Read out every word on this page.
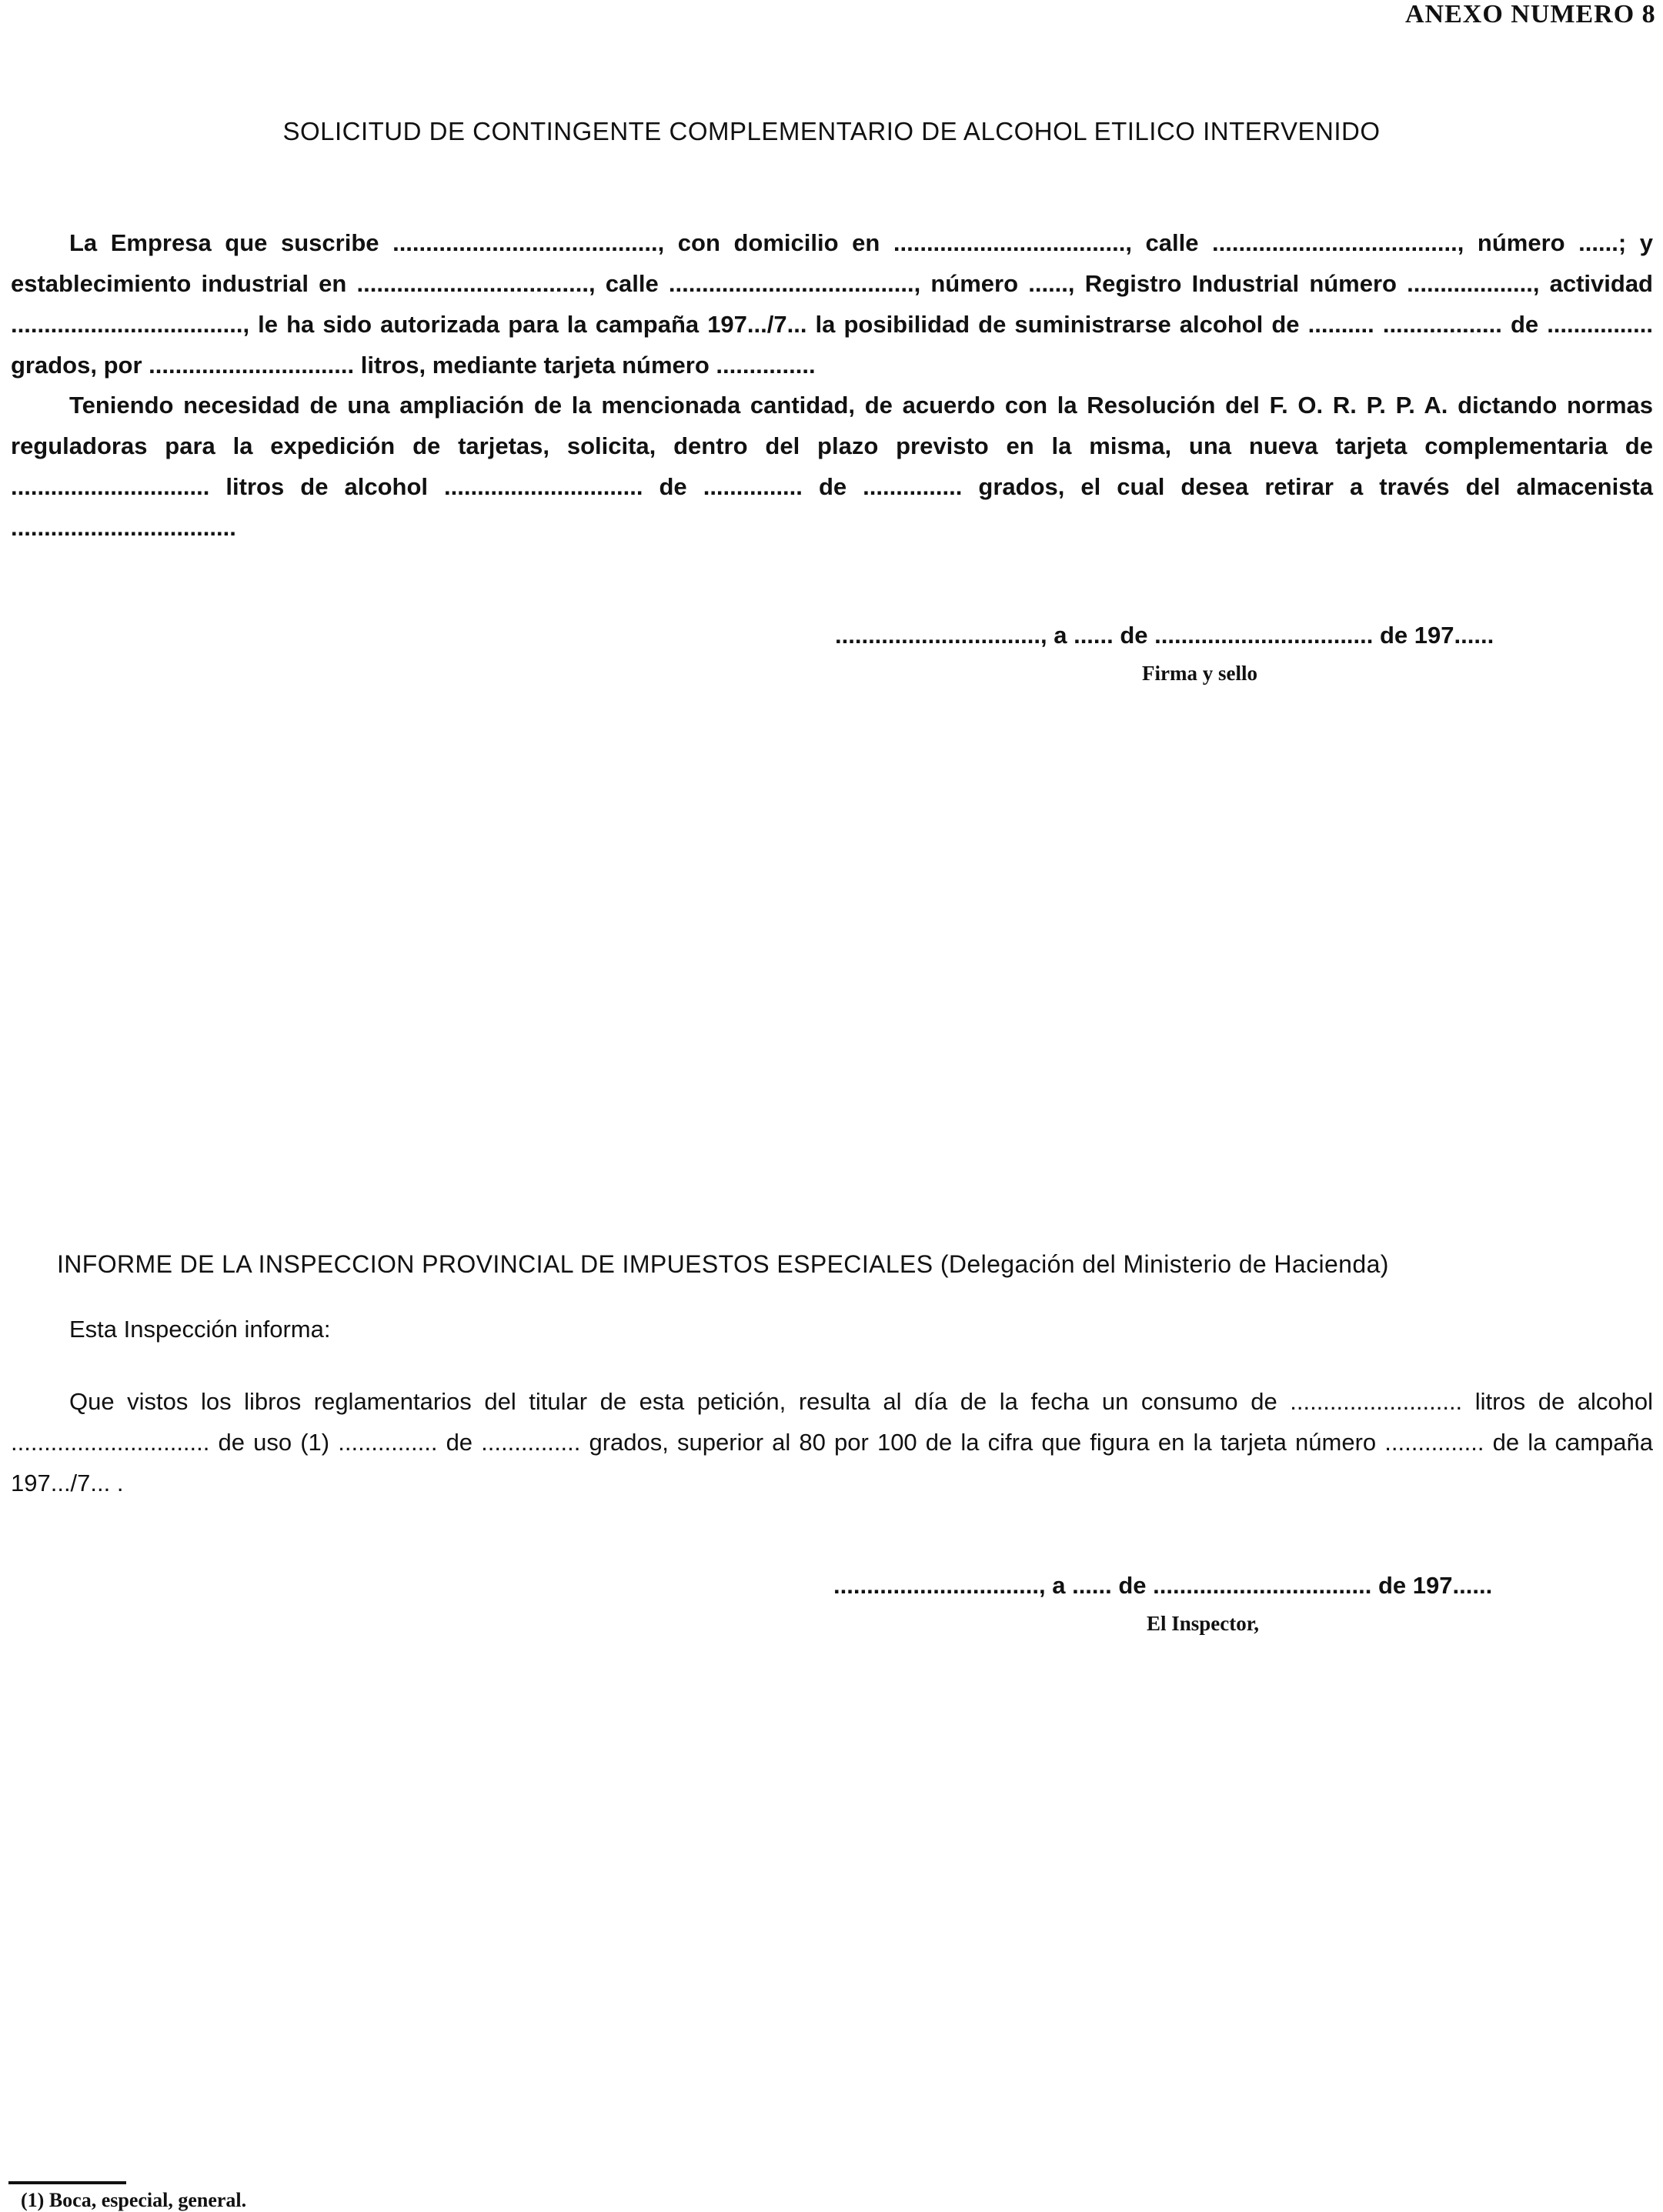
ANEXO NUMERO 8
SOLICITUD DE CONTINGENTE COMPLEMENTARIO DE ALCOHOL ETILICO INTERVENIDO
La Empresa que suscribe ........................................, con domicilio en ..................................., calle ....................................., número ......; y establecimiento industrial en ..................................., calle ....................................., número ......, Registro Industrial número ..................., actividad ..................................., le ha sido autorizada para la campaña 197.../7... la posibilidad de suministrarse alcohol de .......... .................. de ................ grados, por ............................... litros, mediante tarjeta número ...............
Teniendo necesidad de una ampliación de la mencionada cantidad, de acuerdo con la Resolución del F. O. R. P. P. A. dictando normas reguladoras para la expedición de tarjetas, solicita, dentro del plazo previsto en la misma, una nueva tarjeta complementaria de .............................. litros de alcohol .............................. de ............... de ............... grados, el cual desea retirar a través del almacenista ..................................
..............................., a ...... de ................................. de 197......
Firma y sello
INFORME DE LA INSPECCION PROVINCIAL DE IMPUESTOS ESPECIALES (Delegación del Ministerio de Hacienda)
Esta Inspección informa:
Que vistos los libros reglamentarios del titular de esta petición, resulta al día de la fecha un consumo de .......................... litros de alcohol .............................. de uso (1) ............... de ............... grados, superior al 80 por 100 de la cifra que figura en la tarjeta número ............... de la campaña 197.../7... .
..............................., a ...... de ................................. de 197......
El Inspector,
(1) Boca, especial, general.
